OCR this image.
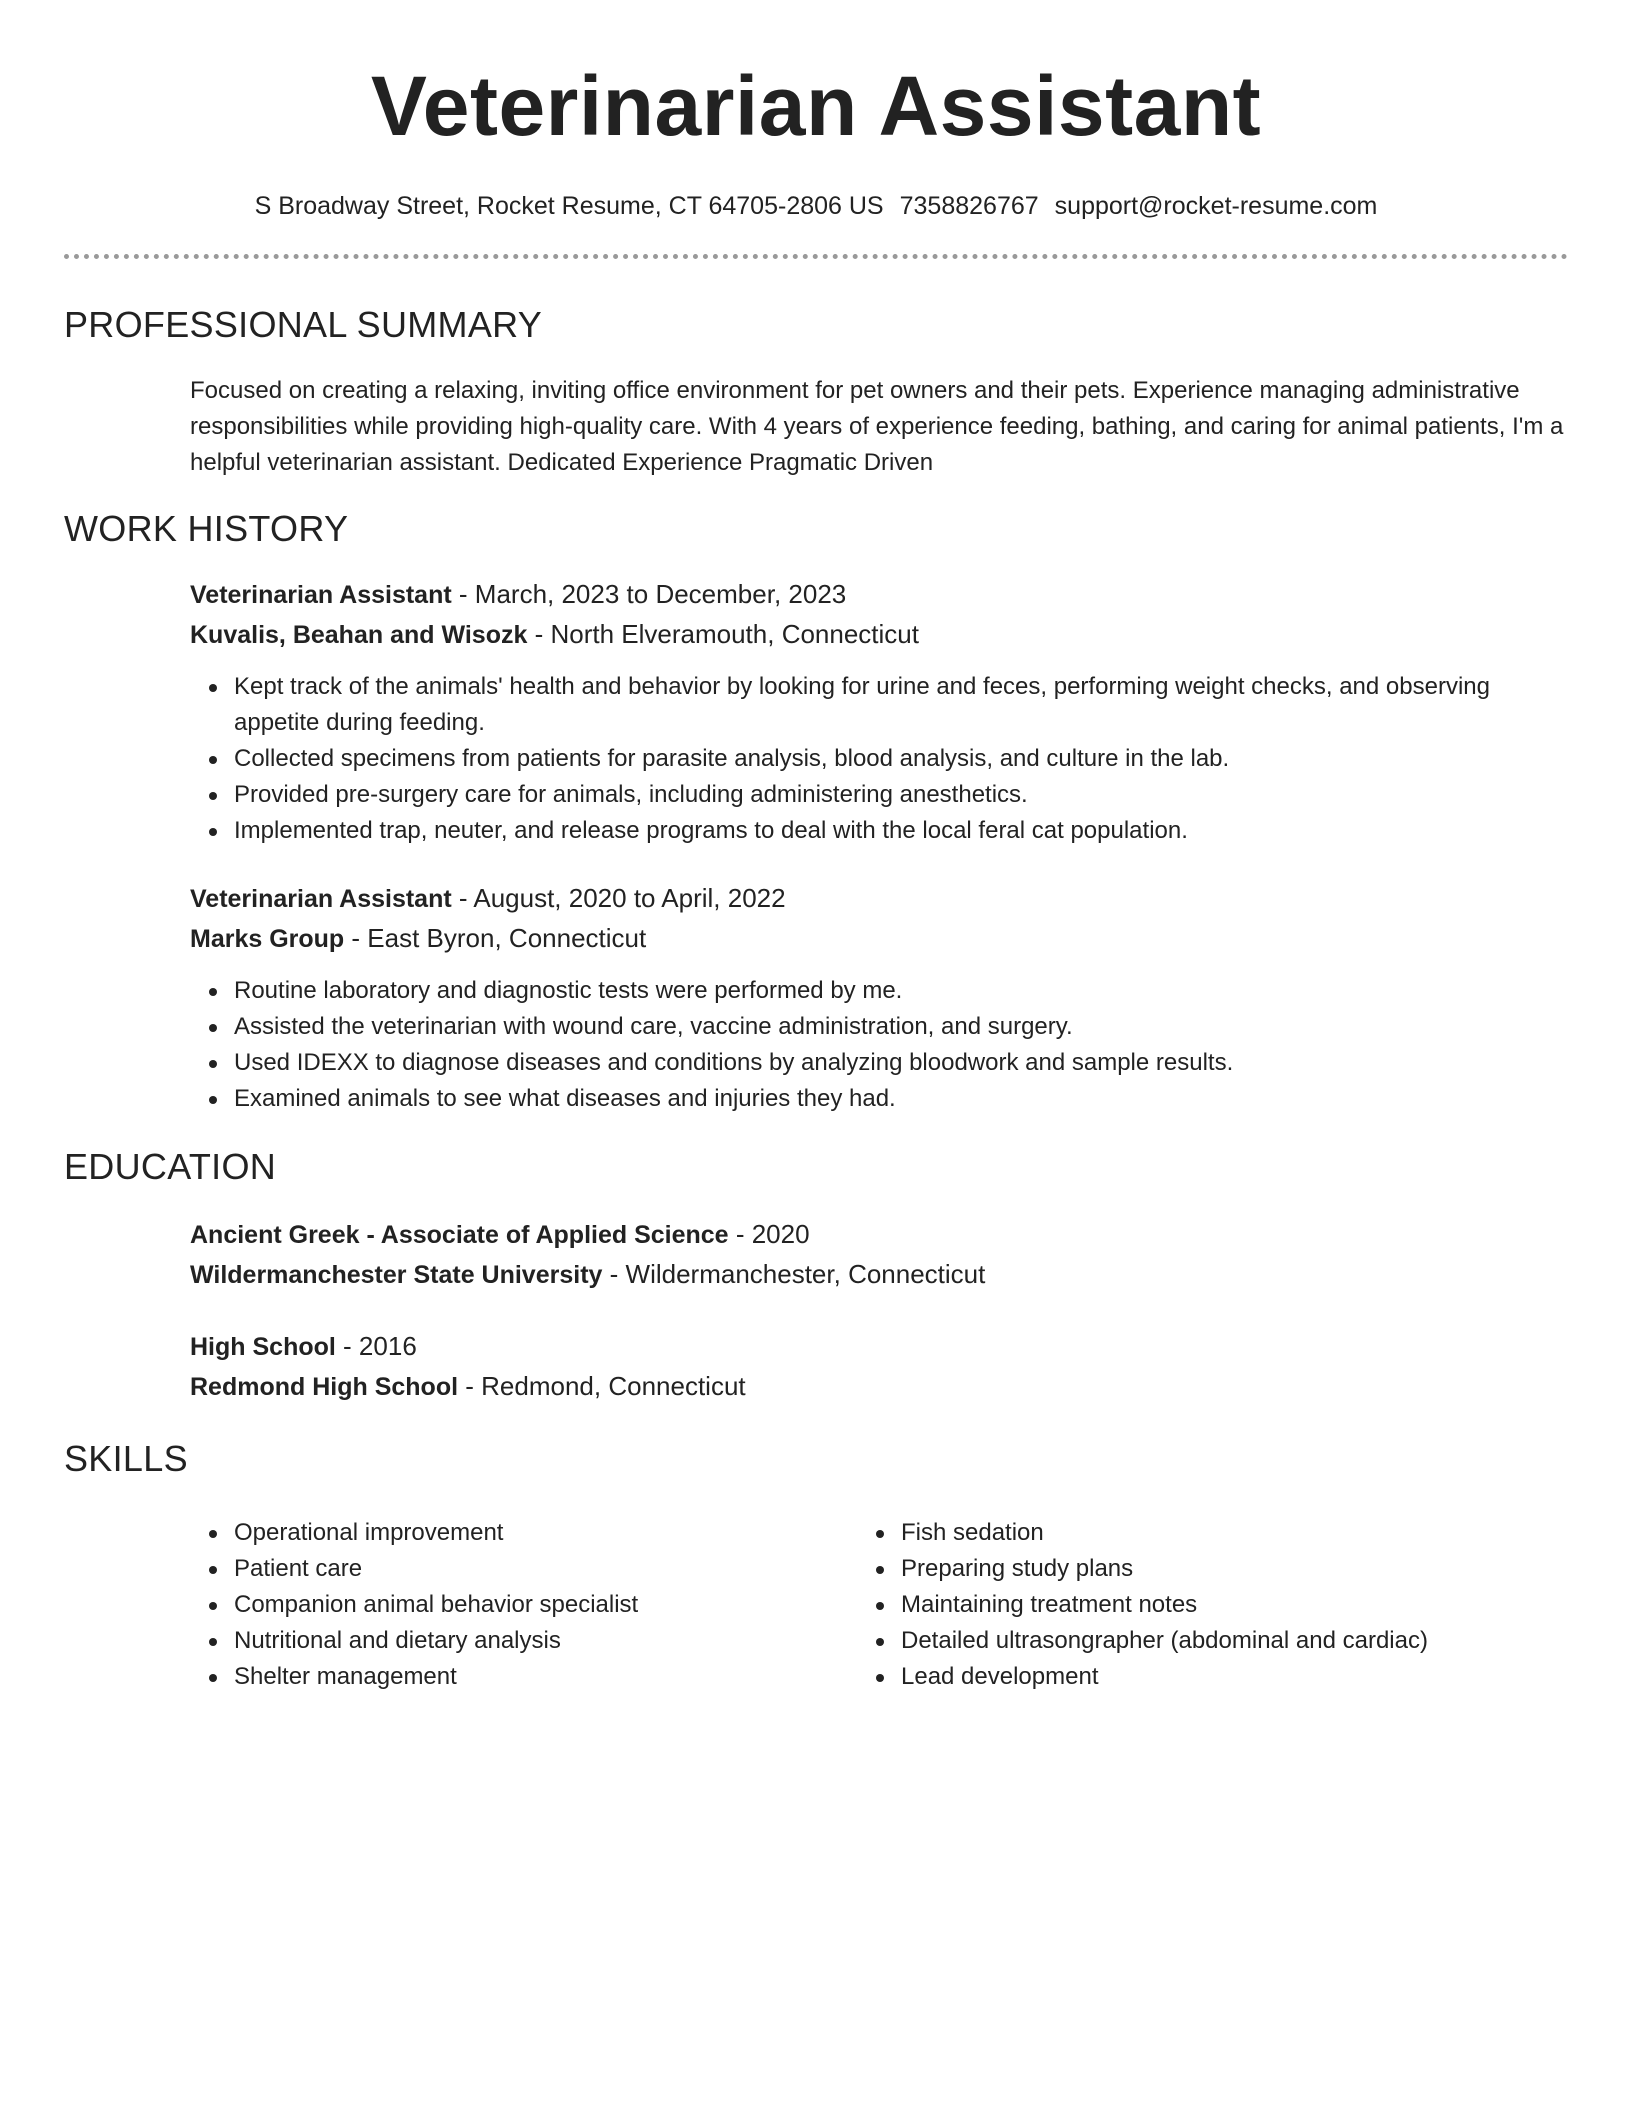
Veterinarian Assistant
S Broadway Street, Rocket Resume, CT 64705-2806 US 7358826767 support@rocket-resume.com
PROFESSIONAL SUMMARY
Focused on creating a relaxing, inviting office environment for pet owners and their pets. Experience managing administrative responsibilities while providing high-quality care. With 4 years of experience feeding, bathing, and caring for animal patients, I'm a helpful veterinarian assistant. Dedicated Experience Pragmatic Driven
WORK HISTORY
Veterinarian Assistant - March, 2023 to December, 2023
Kuvalis, Beahan and Wisozk - North Elveramouth, Connecticut
Kept track of the animals' health and behavior by looking for urine and feces, performing weight checks, and observing appetite during feeding.
Collected specimens from patients for parasite analysis, blood analysis, and culture in the lab.
Provided pre-surgery care for animals, including administering anesthetics.
Implemented trap, neuter, and release programs to deal with the local feral cat population.
Veterinarian Assistant - August, 2020 to April, 2022
Marks Group - East Byron, Connecticut
Routine laboratory and diagnostic tests were performed by me.
Assisted the veterinarian with wound care, vaccine administration, and surgery.
Used IDEXX to diagnose diseases and conditions by analyzing bloodwork and sample results.
Examined animals to see what diseases and injuries they had.
EDUCATION
Ancient Greek - Associate of Applied Science - 2020
Wildermanchester State University - Wildermanchester, Connecticut
High School - 2016
Redmond High School - Redmond, Connecticut
SKILLS
Operational improvement
Patient care
Companion animal behavior specialist
Nutritional and dietary analysis
Shelter management
Fish sedation
Preparing study plans
Maintaining treatment notes
Detailed ultrasongrapher (abdominal and cardiac)
Lead development
